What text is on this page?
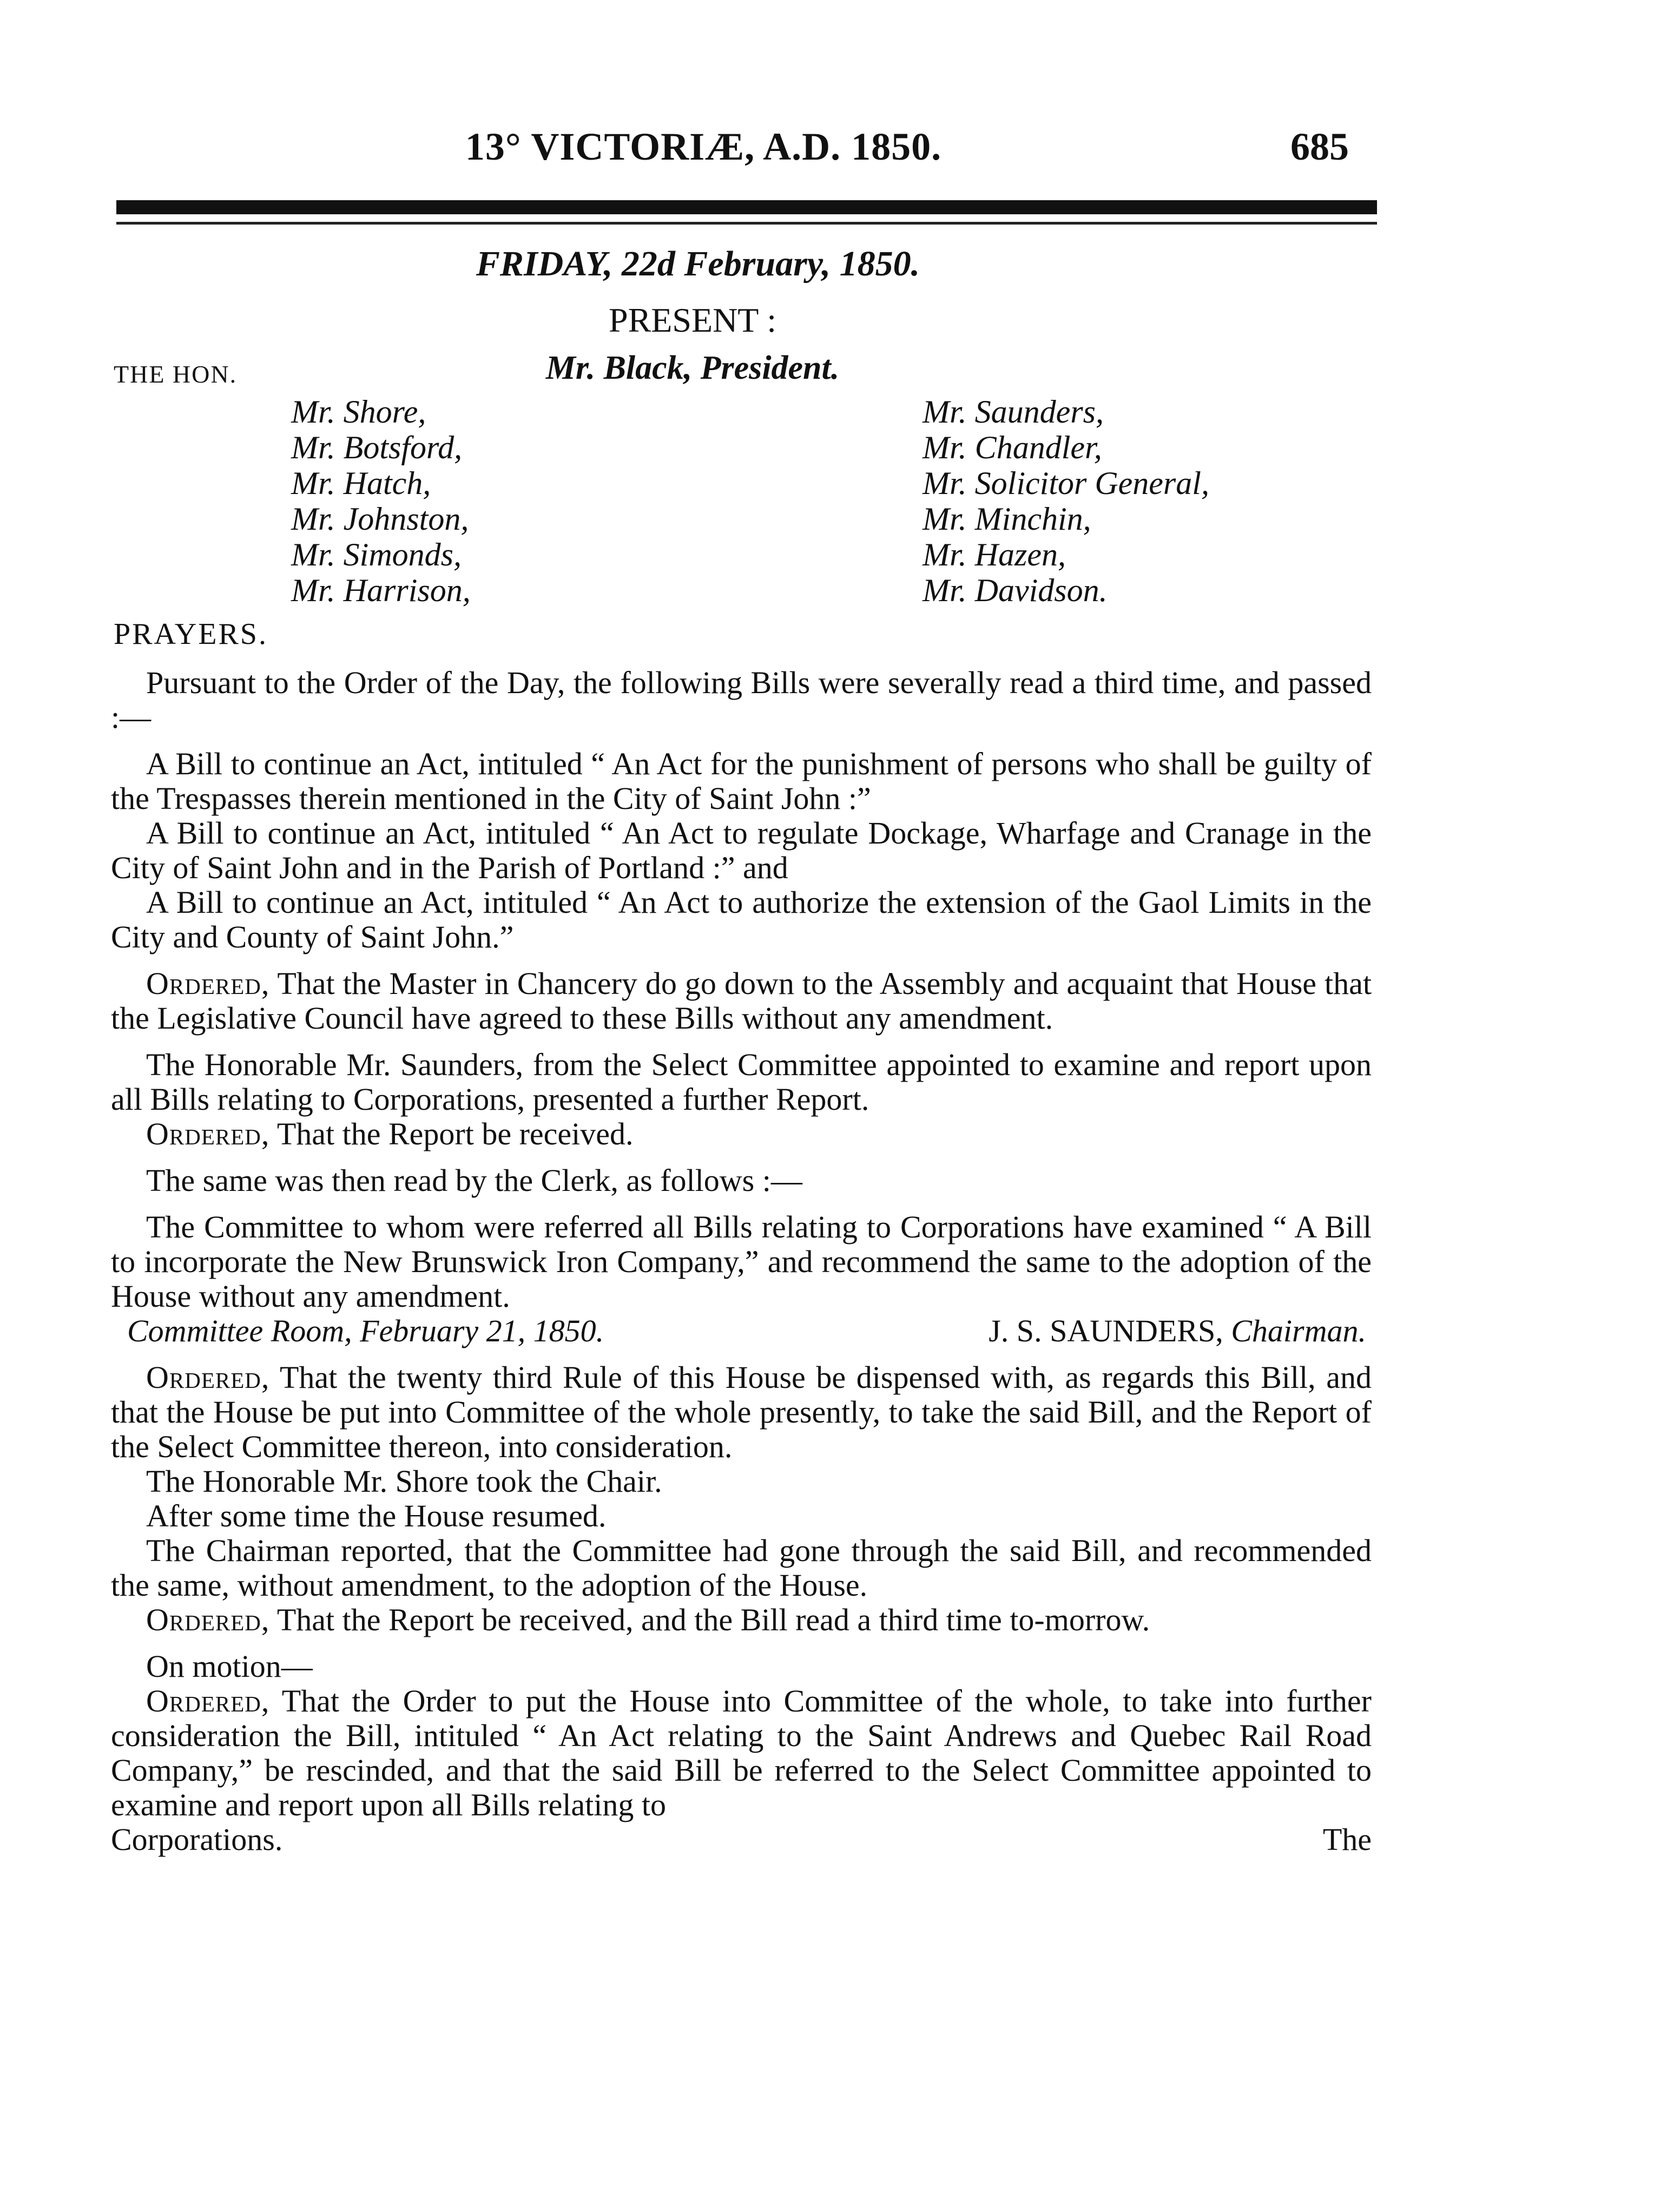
13° VICTORIÆ, A.D. 1850.	685
FRIDAY, 22d February, 1850.
PRESENT :
THE HON.	Mr. Black, President.
Mr. Shore,
Mr. Botsford,
Mr. Hatch,
Mr. Johnston,
Mr. Simonds,
Mr. Harrison,
Mr. Saunders,
Mr. Chandler,
Mr. Solicitor General,
Mr. Minchin,
Mr. Hazen,
Mr. Davidson.
PRAYERS.

Pursuant to the Order of the Day, the following Bills were severally read a third time, and passed :—

A Bill to continue an Act, intituled “ An Act for the punishment of persons who shall be guilty of the Trespasses therein mentioned in the City of Saint John :”

A Bill to continue an Act, intituled “ An Act to regulate Dockage, Wharfage and Cranage in the City of Saint John and in the Parish of Portland :” and

A Bill to continue an Act, intituled “ An Act to authorize the extension of the Gaol Limits in the City and County of Saint John.”

Ordered, That the Master in Chancery do go down to the Assembly and acquaint that House that the Legislative Council have agreed to these Bills without any amendment.

The Honorable Mr. Saunders, from the Select Committee appointed to examine and report upon all Bills relating to Corporations, presented a further Report.

Ordered, That the Report be received.

The same was then read by the Clerk, as follows :—

The Committee to whom were referred all Bills relating to Corporations have examined “ A Bill to incorporate the New Brunswick Iron Company,” and recommend the same to the adoption of the House without any amendment.

Committee Room, February 21, 1850.	J. S. SAUNDERS, Chairman.

Ordered, That the twenty third Rule of this House be dispensed with, as regards this Bill, and that the House be put into Committee of the whole presently, to take the said Bill, and the Report of the Select Committee thereon, into consideration.

The Honorable Mr. Shore took the Chair.

After some time the House resumed.

The Chairman reported, that the Committee had gone through the said Bill, and recommended the same, without amendment, to the adoption of the House.

Ordered, That the Report be received, and the Bill read a third time to-morrow.

On motion—

Ordered, That the Order to put the House into Committee of the whole, to take into further consideration the Bill, intituled “ An Act relating to the Saint Andrews and Quebec Rail Road Company,” be rescinded, and that the said Bill be referred to the Select Committee appointed to examine and report upon all Bills relating to

Corporations.	The
